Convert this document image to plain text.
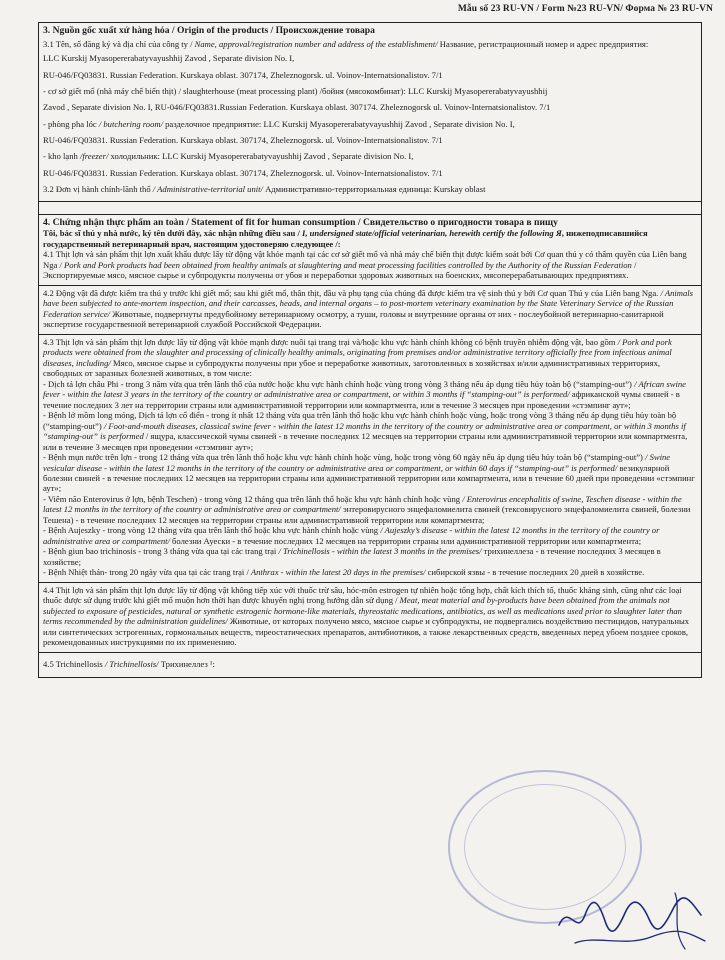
Mẫu số 23 RU-VN / Form №23 RU-VN/ Форма № 23 RU-VN
3. Nguồn gốc xuất xứ hàng hóa / Origin of the products / Происхождение товара
3.1 Tên, số đăng ký và địa chỉ của công ty / Name, approval/registration number and address of the establishment/ Название, регистрационный номер и адрес предприятия:
LLC Kurskij Myasopererabatyvayushhij Zavod , Separate division No. I,
RU-046/FQ03831. Russian Federation. Kurskaya oblast. 307174, Zheleznogorsk. ul. Voinov-Internatsionalistov. 7/1
- cơ sở giết mổ (nhà máy chế biến thịt) / slaughterhouse (meat processing plant) /бойня (мясокомбинат): LLC Kurskij Myasopererabatyvayushhij
Zavod , Separate division No. I, RU-046/FQ03831.Russian Federation. Kurskaya oblast. 307174. Zheleznogorsk ul. Voinov-Internatsionalistov. 7/1
- phòng pha lóc / butchering room/ разделочное предприятие: LLC Kurskij Myasopererabatyvayushhij Zavod , Separate division No. I,
RU-046/FQ03831. Russian Federation. Kurskaya oblast. 307174, Zheleznogorsk. ul. Voinov-Internatsionalistov. 7/1
- kho lạnh /freezer/ холодильник: LLC Kurskij Myasopererabatyvayushhij Zavod , Separate division No. I,
RU-046/FQ03831. Russian Federation. Kurskaya oblast. 307174, Zheleznogorsk. ul. Voinov-Internatsionalistov. 7/1
3.2 Đơn vị hành chính-lãnh thổ / Administrative-territorial unit/ Административно-территориальная единица: Kurskay oblast
4. Chứng nhận thực phẩm an toàn / Statement of fit for human consumption / Свидетельство о пригодности товара в пищу

Tôi, bác sĩ thú y nhà nước, ký tên dưới đây, xác nhận những điều sau / I, undersigned state/official veterinarian, herewith certify the following Я, нижеподписавшийся государственный ветеринарный врач, настоящим удостоверяю следующее /:

4.1 Thịt lợn và sản phẩm thịt lợn xuất khẩu được lấy từ động vật khỏe mạnh tại các cơ sở giết mổ và nhà máy chế biến thịt được kiểm soát bởi Cơ quan thú y có thẩm quyền của Liên bang Nga / Pork and Pork products had been obtained from healthy animals at slaughtering and meat processing facilities controlled by the Authority of the Russian Federation /Экспортируемые мясо, мясное сырье и субпродукты получены от убоя и переработки здоровых животных на боенских, мясоперерабатывающих предприятиях.

4.2 Động vật đã được kiểm tra thú y trước khi giết mổ; sau khi giết mổ, thân thịt, đầu và phụ tạng của chúng đã được kiểm tra vệ sinh thú y bởi Cơ quan Thú y của Liên bang Nga. / Animals have been subjected to ante-mortem inspection, and their carcasses, heads, and internal organs – to post-mortem veterinary examination by the State Veterinary Service of the Russian Federation service/ Животные, подвергнуты предубойному ветеринарному осмотру, а туши, головы и внутренние органы от них - послеубойной ветеринарно-санитарной экспертизе государственной ветеринарной службой Российской Федерации.

4.3 Thịt lợn và sản phẩm thịt lợn được lấy từ động vật khỏe mạnh được nuôi tại trang trại và/hoặc khu vực hành chính không có bệnh truyền nhiễm động vật, bao gồm / Pork and pork products were obtained from the slaughter and processing of clinically healthy animals, originating from premises and/or administrative territory officially free from infectious animal diseases, including/ Мясо, мясное сырье и субпродукты получены при убое и переработке животных, заготовленных в хозяйствах и/или административных территориях, свободных от заразных болезней животных, в том числе:

- Dịch tả lợn châu Phi - trong 3 năm vừa qua trên lãnh thổ của nước hoặc khu vực hành chính hoặc vùng trong vòng 3 tháng nếu áp dụng tiêu hủy toàn bộ (“stamping-out”) / African swine fever - within the latest 3 years in the territory of the country or administrative area or compartment, or within 3 months if “stamping-out” is performed/ африканской чумы свиней - в течение последних 3 лет на территории страны или административной территории или компартмента, или в течение 3 месяцев при проведении «стэмпинг аут»;
- Bệnh lở mồm long móng, Dịch tả lợn cổ điển - trong ít nhất 12 tháng vừa qua trên lãnh thổ hoặc khu vực hành chính hoặc vùng, hoặc trong vòng 3 tháng nếu áp dụng tiêu hủy toàn bộ (“stamping-out”) / Foot-and-mouth diseases, classical swine fever - within the latest 12 months in the territory of the country or administrative area or compartment, or within 3 months if “stamping-out” is performed / ящура, классической чумы свиней - в течение последних 12 месяцев на территории страны или административной территории или компартмента, или в течение 3 месяцев при проведении «стэмпинг аут»;
- Bệnh mụn nước trên lợn - trong 12 tháng vừa qua trên lãnh thổ hoặc khu vực hành chính hoặc vùng, hoặc trong vòng 60 ngày nếu áp dụng tiêu hủy toàn bộ (“stamping-out”) / Swine vesicular disease - within the latest 12 months in the territory of the country or administrative area or compartment, or within 60 days if “stamping-out” is performed/ везикулярной болезни свиней - в течение последних 12 месяцев на территории страны или административной территории или компартмента, или в течение 60 дней при проведении «стэмпинг аут»;
- Viêm não Enterovirus ở lợn, bệnh Teschen) - trong vòng 12 tháng qua trên lãnh thổ hoặc khu vực hành chính hoặc vùng / Enterovirus encephalitis of swine, Teschen disease - within the latest 12 months in the territory of the country or administrative area or compartment/ энтеровирусного энцефаломиелита свиней (тексовирусного энцефаломиелита свиней, болезни Тешена) - в течение последних 12 месяцев на территории страны или административной территории или компартмента;
- Bệnh Aujeszky - trong vòng 12 tháng vừa qua trên lãnh thổ hoặc khu vực hành chính hoặc vùng / Aujeszky’s disease - within the latest 12 months in the territory of the country or administrative area or compartment/ болезни Ауески - в течение последних 12 месяцев на территории страны или административной территории или компартмента;
- Bệnh giun bao trichinosis - trong 3 tháng vừa qua tại các trang trại / Trichinellosis - within the latest 3 months in the premises/ трихинеллеза - в течение последних 3 месяцев в хозяйстве;
- Bệnh Nhiệt thán- trong 20 ngày vừa qua tại các trang trại / Anthrax - within the latest 20 days in the premises/ сибирской язвы - в течение последних 20 дней в хозяйстве.

4.4 Thịt lợn và sản phẩm thịt lợn được lấy từ động vật không tiếp xúc với thuốc trừ sâu, hóc-môn estrogen tự nhiên hoặc tổng hợp, chất kích thích tố, thuốc kháng sinh, cũng như các loại thuốc được sử dụng trước khi giết mổ muộn hơn thời hạn được khuyến nghị trong hướng dẫn sử dụng / Meat, meat material and by-products have been obtained from the animals not subjected to exposure of pesticides, natural or synthetic estrogenic hormone-like materials, thyreostatic medications, antibiotics, as well as medications used prior to slaughter later than terms recommended by the administration guidelines/ Животные, от которых получено мясо, мясное сырье и субпродукты, не подвергались воздействию пестицидов, натуральных или синтетических эстрогенных, гормональных веществ, тиреостатических препаратов, антибиотиков, а также лекарственных средств, введенных перед убоем позднее сроков, рекомендованных инструкциями по их применению.

4.5 Trichinellosis / Trichinellosis/ Трихинеллез ¹:
